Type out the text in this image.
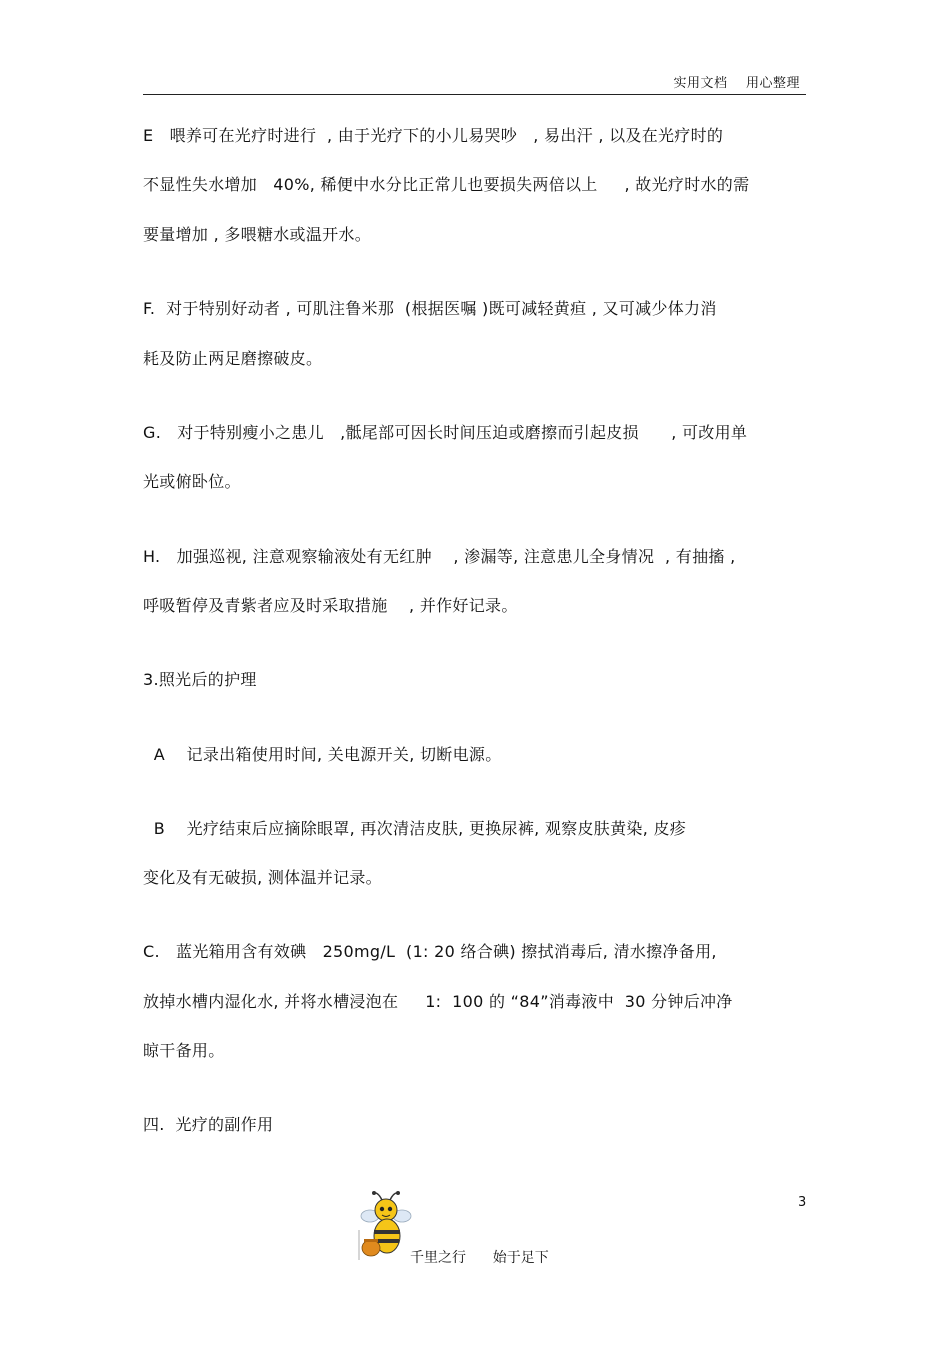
实用文档    用心整理
E   喂养可在光疗时进行  , 由于光疗下的小儿易哭吵   , 易出汗 , 以及在光疗时的
不显性失水增加   40%, 稀便中水分比正常儿也要损失两倍以上     , 故光疗时水的需
要量增加 , 多喂糖水或温开水。
F.  对于特别好动者 , 可肌注鲁米那  (根据医嘱 )既可减轻黄疸 , 又可减少体力消
耗及防止两足磨擦破皮。
G.   对于特别瘦小之患儿   ,骶尾部可因长时间压迫或磨擦而引起皮损      , 可改用单
光或俯卧位。
H.   加强巡视, 注意观察输液处有无红肿    , 渗漏等, 注意患儿全身情况  , 有抽搐 ,
呼吸暂停及青紫者应及时采取措施    , 并作好记录。
3.照光后的护理
A    记录出箱使用时间, 关电源开关, 切断电源。
B    光疗结束后应摘除眼罩, 再次清洁皮肤, 更换尿裤, 观察皮肤黄染, 皮疹
变化及有无破损, 测体温并记录。
C.   蓝光箱用含有效碘   250mg/L  (1: 20 络合碘) 擦拭消毒后, 清水擦净备用,
放掉水槽内湿化水, 并将水槽浸泡在     1:  100 的 “84”消毒液中  30 分钟后冲净
晾干备用。
四.  光疗的副作用
3
千里之行      始于足下
